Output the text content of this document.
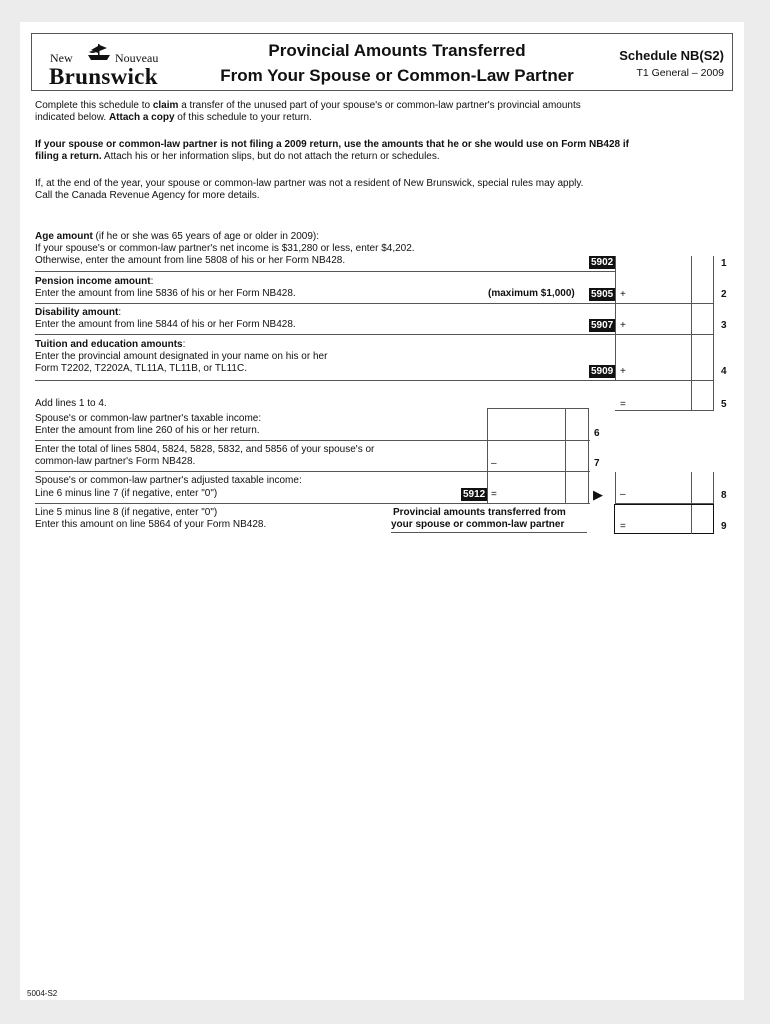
New	Nouveau
Brunswick
Provincial Amounts Transferred
From Your Spouse or Common-Law Partner
Schedule NB(S2)
T1 General – 2009
Complete this schedule to claim a transfer of the unused part of your spouse's or common-law partner's provincial amounts
indicated below. Attach a copy of this schedule to your return.
If your spouse or common-law partner is not filing a 2009 return, use the amounts that he or she would use on Form NB428 if
filing a return. Attach his or her information slips, but do not attach the return or schedules.
If, at the end of the year, your spouse or common-law partner was not a resident of New Brunswick, special rules may apply.
Call the Canada Revenue Agency for more details.
Age amount (if he or she was 65 years of age or older in 2009):
If your spouse's or common-law partner's net income is $31,280 or less, enter $4,202.
Otherwise, enter the amount from line 5808 of his or her Form NB428.	5902	1
Pension income amount:
Enter the amount from line 5836 of his or her Form NB428.	(maximum $1,000) 5905 +	2
Disability amount:
Enter the amount from line 5844 of his or her Form NB428.	5907 +	3
Tuition and education amounts:
Enter the provincial amount designated in your name on his or her
Form T2202, T2202A, TL11A, TL11B, or TL11C.	5909 +	4
Add lines 1 to 4.	=	5
Spouse's or common-law partner's taxable income:
Enter the amount from line 260 of his or her return.	6
Enter the total of lines 5804, 5824, 5828, 5832, and 5856 of your spouse's or
common-law partner's Form NB428.	–	7
Spouse's or common-law partner's adjusted taxable income:
Line 6 minus line 7 (if negative, enter "0")	5912 =	▶ –	8
Line 5 minus line 8 (if negative, enter "0")
Enter this amount on line 5864 of your Form NB428.
Provincial amounts transferred from
your spouse or common-law partner	=	9
5004-S2
